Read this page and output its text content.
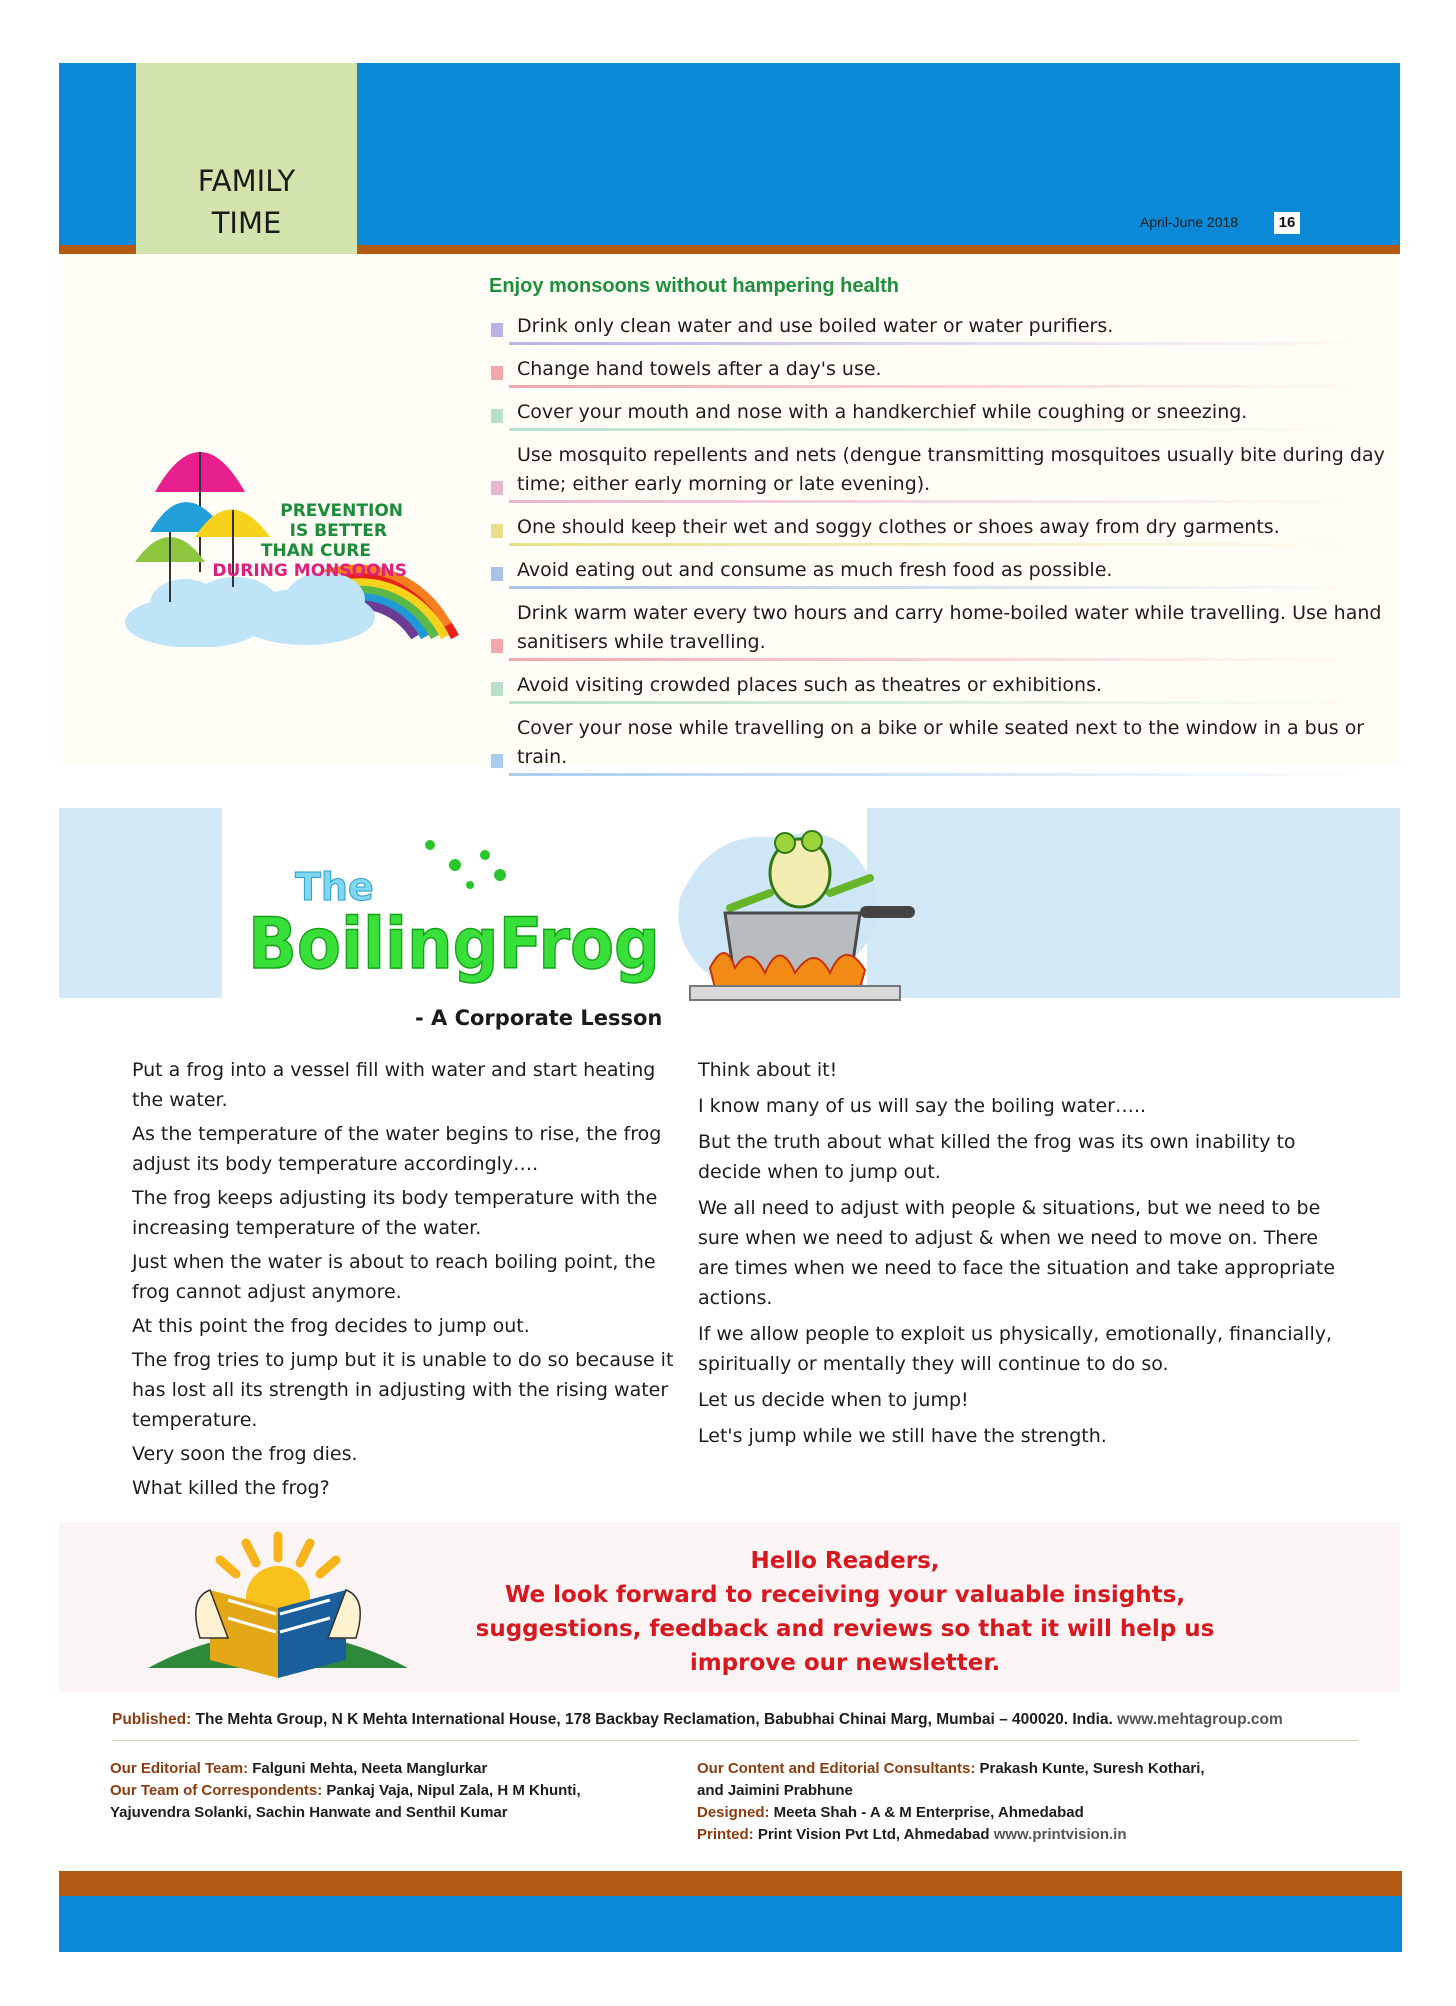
FAMILY
TIME	April-June 2018	16
PREVENTION
IS BETTER
THAN CURE
DURING MONSOONS
Enjoy monsoons without hampering health
Drink only clean water and use boiled water or water purifiers.
Change hand towels after a day's use.
Cover your mouth and nose with a handkerchief while coughing or sneezing.
Use mosquito repellents and nets (dengue transmitting mosquitoes usually bite during day time; either early morning or late evening).
One should keep their wet and soggy clothes or shoes away from dry garments.
Avoid eating out and consume as much fresh food as possible.
Drink warm water every two hours and carry home-boiled water while travelling. Use hand sanitisers while travelling.
Avoid visiting crowded places such as theatres or exhibitions.
Cover your nose while travelling on a bike or while seated next to the window in a bus or train.
The
BoilingFrog
- A Corporate Lesson

Put a frog into a vessel fill with water and start heating the water.

As the temperature of the water begins to rise, the frog adjust its body temperature accordingly….

The frog keeps adjusting its body temperature with the increasing temperature of the water.

Just when the water is about to reach boiling point, the frog cannot adjust anymore.

At this point the frog decides to jump out.

The frog tries to jump but it is unable to do so because it has lost all its strength in adjusting with the rising water temperature.

Very soon the frog dies.

What killed the frog?

Think about it!

I know many of us will say the boiling water…..

But the truth about what killed the frog was its own inability to decide when to jump out.

We all need to adjust with people & situations, but we need to be sure when we need to adjust & when we need to move on. There are times when we need to face the situation and take appropriate actions.

If we allow people to exploit us physically, emotionally, financially, spiritually or mentally they will continue to do so.

Let us decide when to jump!

Let's jump while we still have the strength.

Hello Readers,
We look forward to receiving your valuable insights, suggestions, feedback and reviews so that it will help us improve our newsletter.
Published: The Mehta Group, N K Mehta International House, 178 Backbay Reclamation, Babubhai Chinai Marg, Mumbai – 400020. India. www.mehtagroup.com
Our Editorial Team: Falguni Mehta, Neeta Manglurkar
Our Team of Correspondents: Pankaj Vaja, Nipul Zala, H M Khunti,
Yajuvendra Solanki, Sachin Hanwate and Senthil Kumar
Our Content and Editorial Consultants: Prakash Kunte, Suresh Kothari,
and Jaimini Prabhune
Designed: Meeta Shah - A & M Enterprise, Ahmedabad
Printed: Print Vision Pvt Ltd, Ahmedabad www.printvision.in
